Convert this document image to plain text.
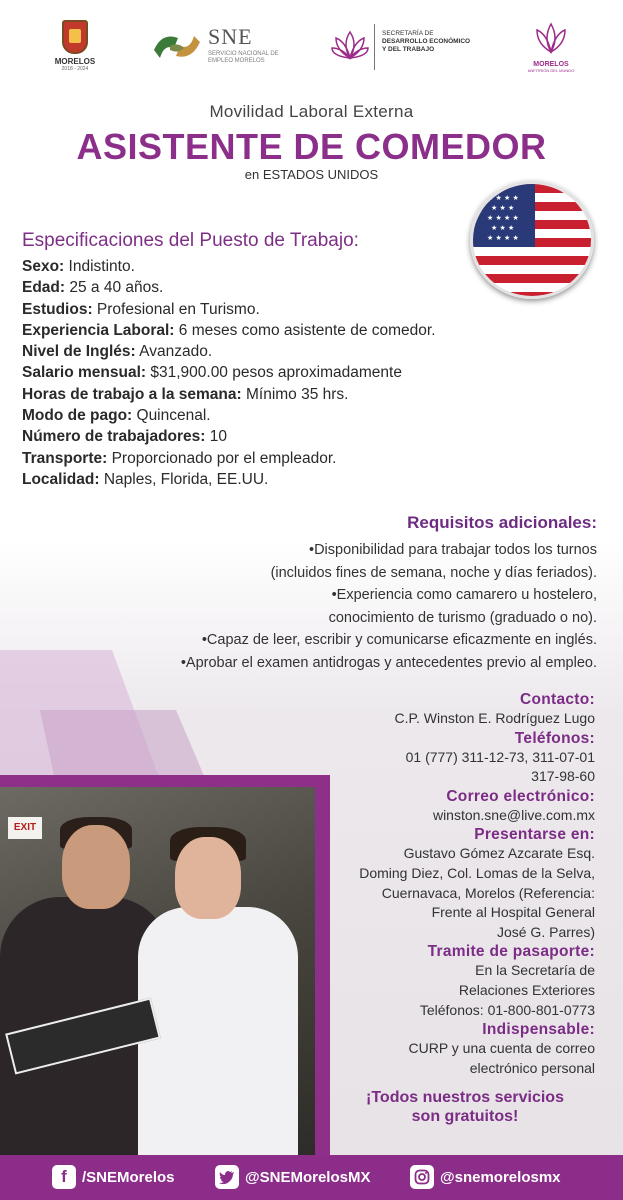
MORELOS
2018 - 2024
SNE
SERVICIO NACIONAL DE EMPLEO MORELOS
SECRETARÍA DE
DESARROLLO ECONÓMICO
Y DEL TRABAJO
MORELOS
ANFITRIÓN DEL MUNDO
Movilidad Laboral Externa
ASISTENTE DE COMEDOR
en ESTADOS UNIDOS
★ ★ ★ ★
★ ★ ★
★ ★ ★ ★
★ ★ ★
★ ★ ★ ★
Especificaciones del Puesto de Trabajo:
Sexo: Indistinto.
Edad: 25 a 40 años.
Estudios: Profesional en Turismo.
Experiencia Laboral: 6 meses como asistente de comedor.
Nivel de Inglés: Avanzado.
Salario mensual: $31,900.00 pesos aproximadamente
Horas de trabajo a la semana: Mínimo 35 hrs.
Modo de pago: Quincenal.
Número de trabajadores: 10
Transporte: Proporcionado por el empleador.
Localidad: Naples, Florida, EE.UU.
Requisitos adicionales:
•Disponibilidad para trabajar todos los turnos
(incluidos fines de semana, noche y días feriados).
•Experiencia como camarero u hostelero,
conocimiento de turismo (graduado o no).
•Capaz de leer, escribir y comunicarse eficazmente en inglés.
•Aprobar el examen antidrogas y antecedentes previo al empleo.
EXIT
Contacto:
C.P. Winston E. Rodríguez Lugo
Teléfonos:
01 (777) 311-12-73, 311-07-01
317-98-60
Correo electrónico:
winston.sne@live.com.mx
Presentarse en:
Gustavo Gómez Azcarate Esq.
Doming Diez, Col. Lomas de la Selva,
Cuernavaca, Morelos (Referencia:
Frente al Hospital General
José G. Parres)
Tramite de pasaporte:
En la Secretaría de
Relaciones Exteriores
Teléfonos: 01-800-801-0773
Indispensable:
CURP y una cuenta de correo
electrónico personal
¡Todos nuestros servicios
son gratuitos!
f	/SNEMorelos	@SNEMorelosMX	@snemorelosmx
